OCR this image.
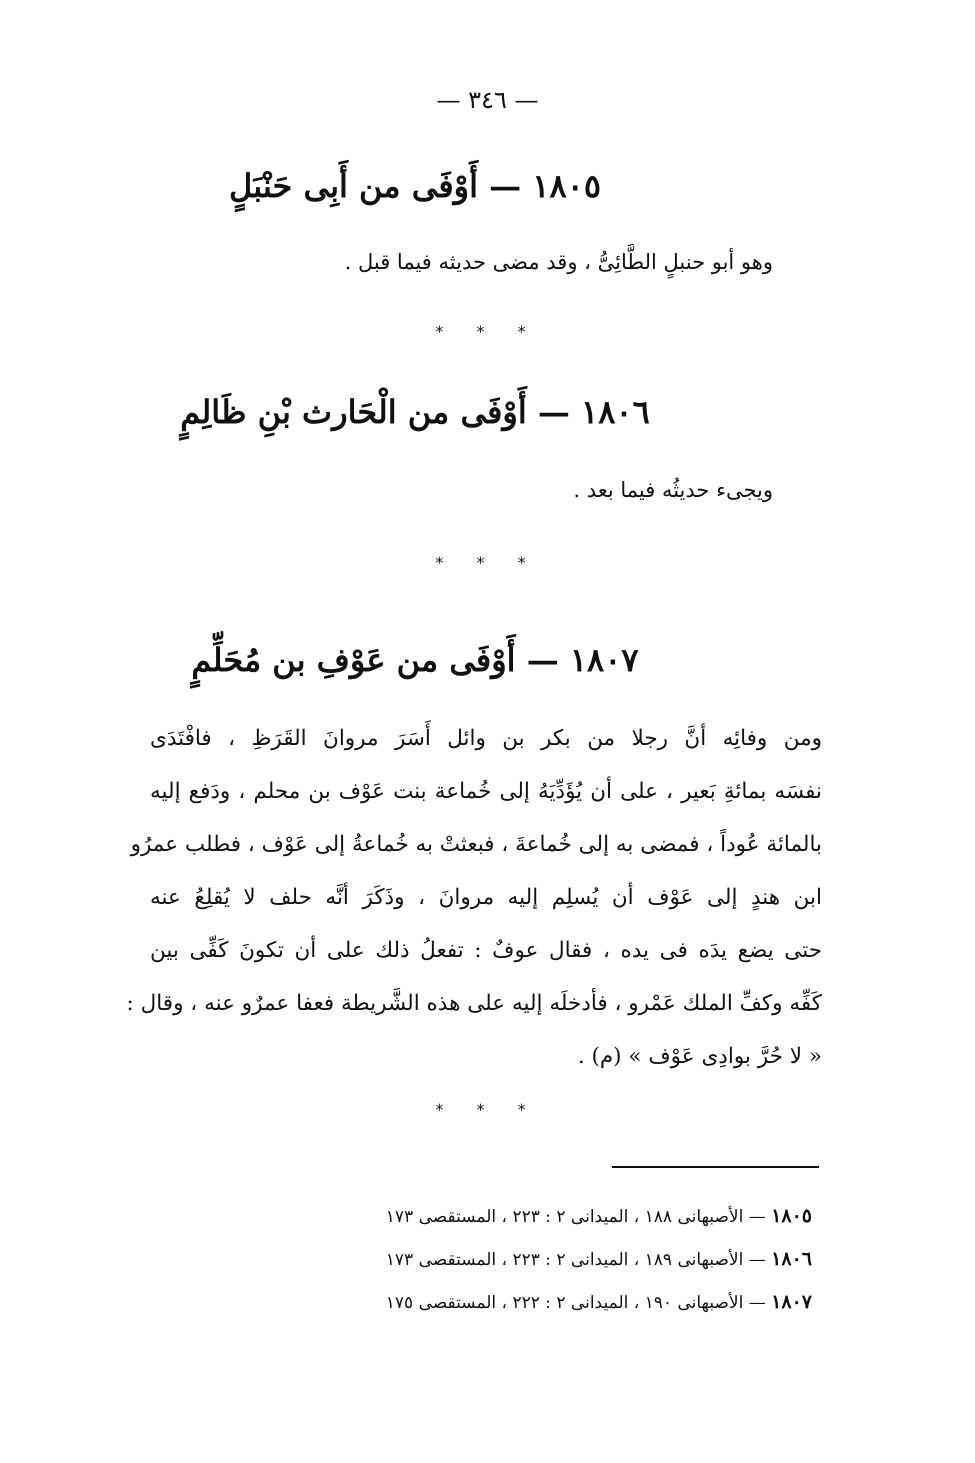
— ٣٤٦ —
١٨٠٥ — أَوْفَى من أَبِى حَنْبَلٍ
وهو أبو حنبلٍ الطَّائِىُّ ، وقد مضى حديثه فيما قبل .
* * *
١٨٠٦ — أَوْفَى من الْحَارث بْنِ ظَالِمٍ
ويجىء حديثُه فيما بعد .
* * *
١٨٠٧ — أَوْفَى من عَوْفِ بن مُحَلِّمٍ
ومن وفائِه أنَّ رجلا من بكر بن وائل أَسَرَ مروانَ القَرَظِ ، فافْتَدَى
نفسَه بمائةِ بَعير ، على أن يُؤَدِّيَهُ إلى خُماعة بنت عَوْف بن محلم ، ودَفع إليه
بالمائة عُوداً ، فمضى به إلى خُماعةَ ، فبعثتْ به خُماعةُ إلى عَوْف ، فطلب عمرُو
ابن هندٍ إلى عَوْف أن يُسلِم إليه مروانَ ، وذَكَرَ أنَّه حلف لا يُقلِعُ عنه
حتى يضع يدَه فى يده ، فقال عوفٌ : تفعلُ ذلك على أن تكونَ كَفِّى بين
كَفِّه وكفِّ الملك عَمْرو ، فأدخلَه إليه على هذه الشَّريطة فعفا عمرٌو عنه ، وقال :
« لا حُرَّ بوادِى عَوْف » (م) .
* * *
١٨٠٥ — الأصبهانى ١٨٨ ، الميدانى ٢ : ٢٢٣ ، المستقصى ١٧٣
١٨٠٦ — الأصبهانى ١٨٩ ، الميدانى ٢ : ٢٢٣ ، المستقصى ١٧٣
١٨٠٧ — الأصبهانى ١٩٠ ، الميدانى ٢ : ٢٢٢ ، المستقصى ١٧٥
